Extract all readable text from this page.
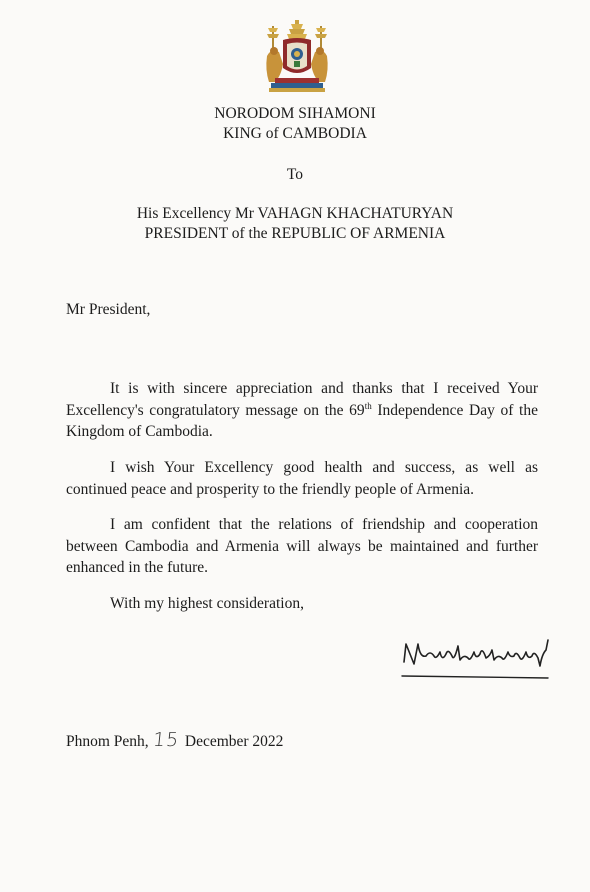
NORODOM SIHAMONI
KING of CAMBODIA
To
His Excellency Mr VAHAGN KHACHATURYAN
PRESIDENT of the REPUBLIC OF ARMENIA
Mr President,
It is with sincere appreciation and thanks that I received Your Excellency's congratulatory message on the 69th Independence Day of the Kingdom of Cambodia.
I wish Your Excellency good health and success, as well as continued peace and prosperity to the friendly people of Armenia.
I am confident that the relations of friendship and cooperation between Cambodia and Armenia will always be maintained and further enhanced in the future.
With my highest consideration,
Phnom Penh, 15 December 2022
